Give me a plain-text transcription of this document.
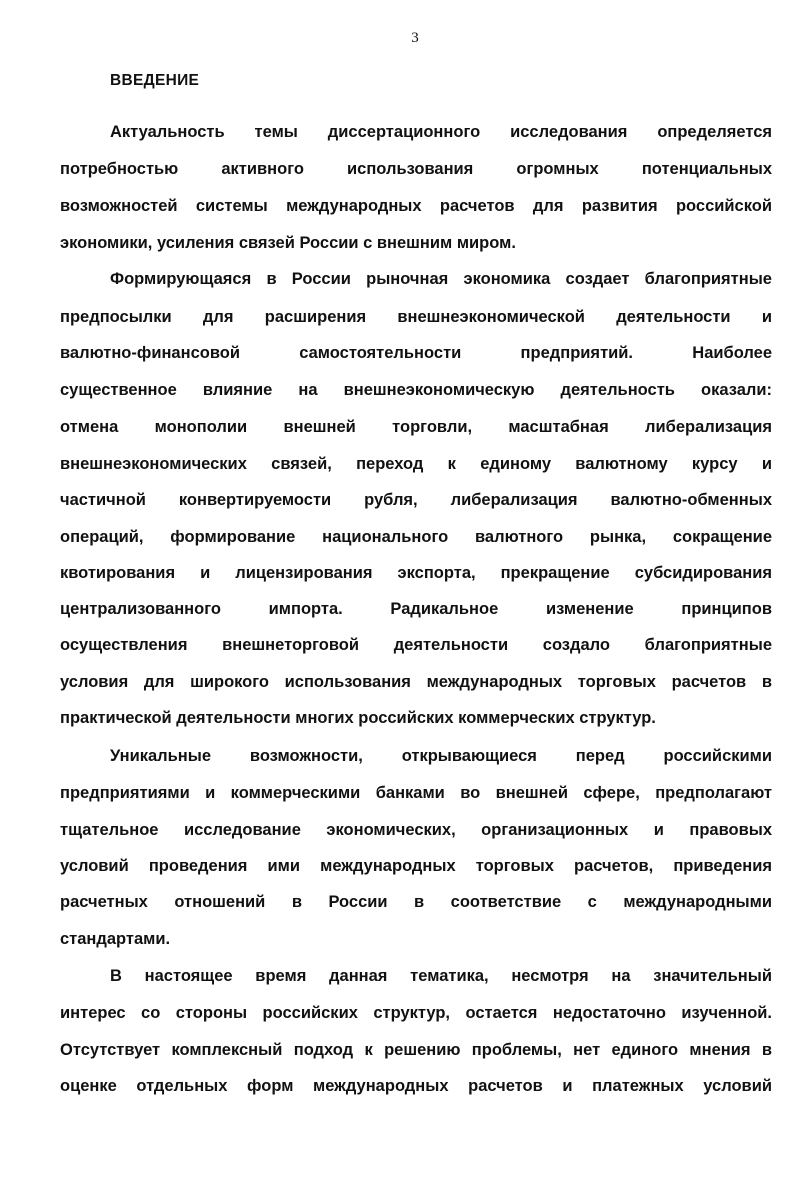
3
ВВЕДЕНИЕ
Актуальность темы диссертационного исследования определяется
потребностью активного использования огромных потенциальных
возможностей системы международных расчетов для развития российской
экономики, усиления связей России с внешним миром.
Формирующаяся в России рыночная экономика создает благоприятные
предпосылки для расширения внешнеэкономической деятельности и
валютно-финансовой самостоятельности предприятий. Наиболее
существенное влияние на внешнеэкономическую деятельность оказали:
отмена монополии внешней торговли, масштабная либерализация
внешнеэкономических связей, переход к единому валютному курсу и
частичной конвертируемости рубля, либерализация валютно-обменных
операций, формирование национального валютного рынка, сокращение
квотирования и лицензирования экспорта, прекращение субсидирования
централизованного импорта. Радикальное изменение принципов
осуществления внешнеторговой деятельности создало благоприятные
условия для широкого использования международных торговых расчетов в
практической деятельности многих российских коммерческих структур.
Уникальные возможности, открывающиеся перед российскими
предприятиями и коммерческими банками во внешней сфере, предполагают
тщательное исследование экономических, организационных и правовых
условий проведения ими международных торговых расчетов, приведения
расчетных отношений в России в соответствие с международными
стандартами.
В настоящее время данная тематика, несмотря на значительный
интерес со стороны российских структур, остается недостаточно изученной.
Отсутствует комплексный подход к решению проблемы, нет единого мнения в
оценке отдельных форм международных расчетов и платежных условий
